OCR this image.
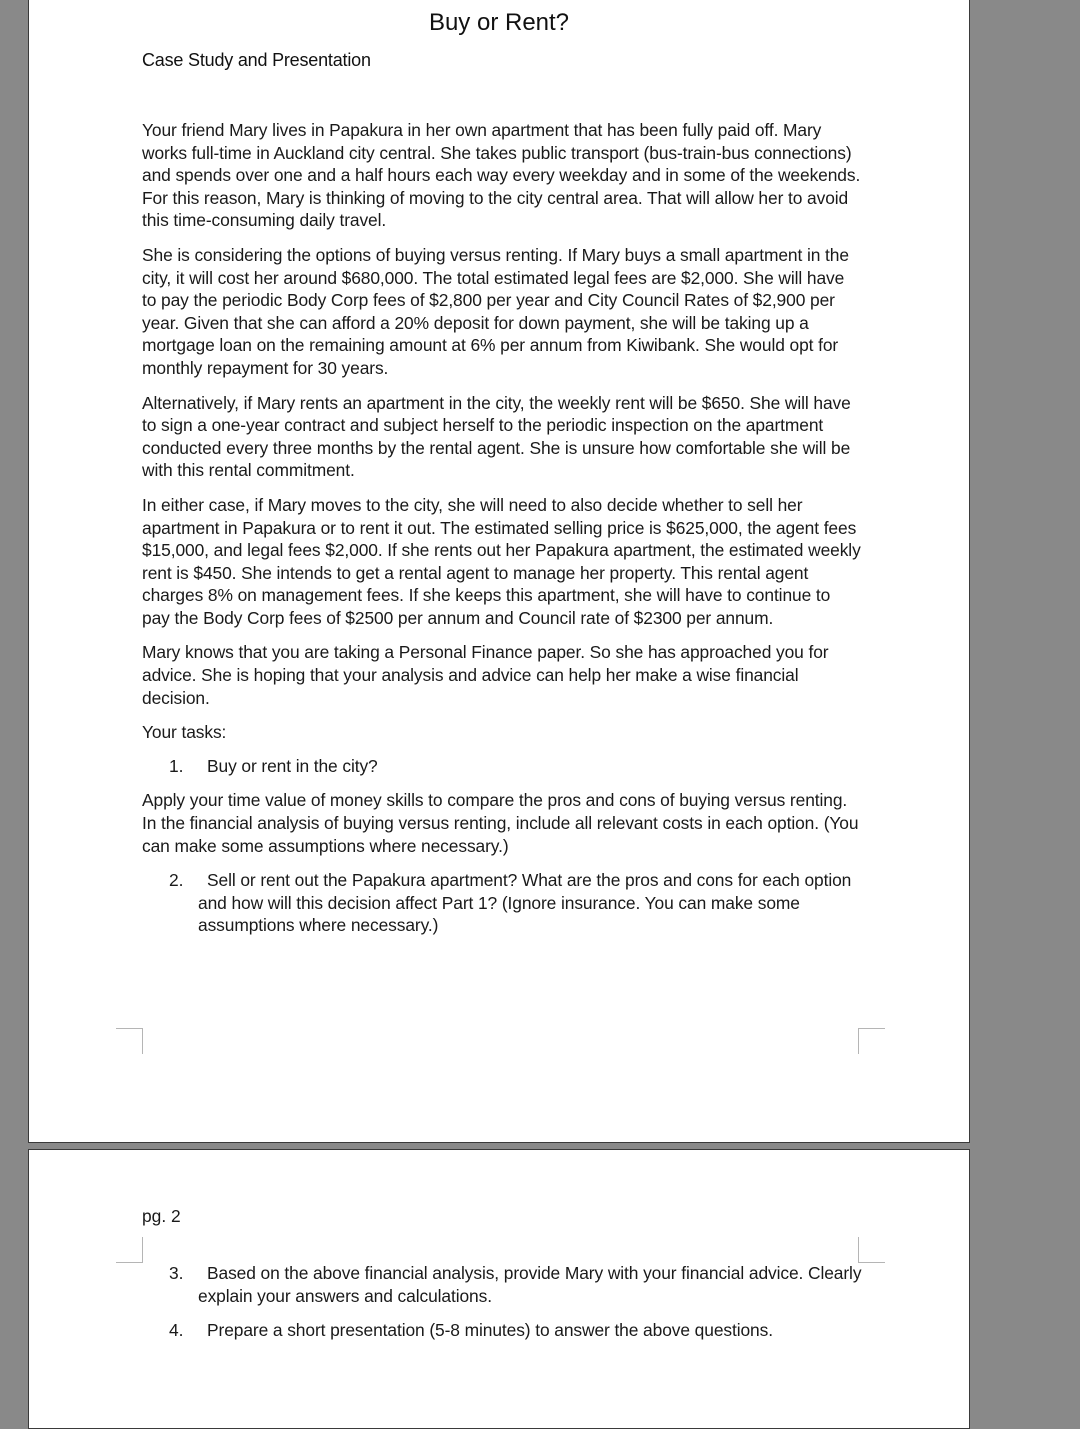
Buy or Rent?
Case Study and Presentation

Your friend Mary lives in Papakura in her own apartment that has been fully paid off. Mary works full-time in Auckland city central. She takes public transport (bus-train-bus connections) and spends over one and a half hours each way every weekday and in some of the weekends. For this reason, Mary is thinking of moving to the city central area. That will allow her to avoid this time-consuming daily travel.

She is considering the options of buying versus renting. If Mary buys a small apartment in the city, it will cost her around $680,000. The total estimated legal fees are $2,000. She will have to pay the periodic Body Corp fees of $2,800 per year and City Council Rates of $2,900 per year. Given that she can afford a 20% deposit for down payment, she will be taking up a mortgage loan on the remaining amount at 6% per annum from Kiwibank. She would opt for monthly repayment for 30 years.

Alternatively, if Mary rents an apartment in the city, the weekly rent will be $650. She will have to sign a one-year contract and subject herself to the periodic inspection on the apartment conducted every three months by the rental agent. She is unsure how comfortable she will be with this rental commitment.

In either case, if Mary moves to the city, she will need to also decide whether to sell her apartment in Papakura or to rent it out. The estimated selling price is $625,000, the agent fees $15,000, and legal fees $2,000. If she rents out her Papakura apartment, the estimated weekly rent is $450. She intends to get a rental agent to manage her property. This rental agent charges 8% on management fees. If she keeps this apartment, she will have to continue to pay the Body Corp fees of $2500 per annum and Council rate of $2300 per annum.

Mary knows that you are taking a Personal Finance paper. So she has approached you for advice. She is hoping that your analysis and advice can help her make a wise financial decision.

Your tasks:

1. Buy or rent in the city?

Apply your time value of money skills to compare the pros and cons of buying versus renting. In the financial analysis of buying versus renting, include all relevant costs in each option. (You can make some assumptions where necessary.)

2. Sell or rent out the Papakura apartment? What are the pros and cons for each option and how will this decision affect Part 1? (Ignore insurance. You can make some assumptions where necessary.)
pg. 2
3. Based on the above financial analysis, provide Mary with your financial advice. Clearly explain your answers and calculations.
4. Prepare a short presentation (5-8 minutes) to answer the above questions.
